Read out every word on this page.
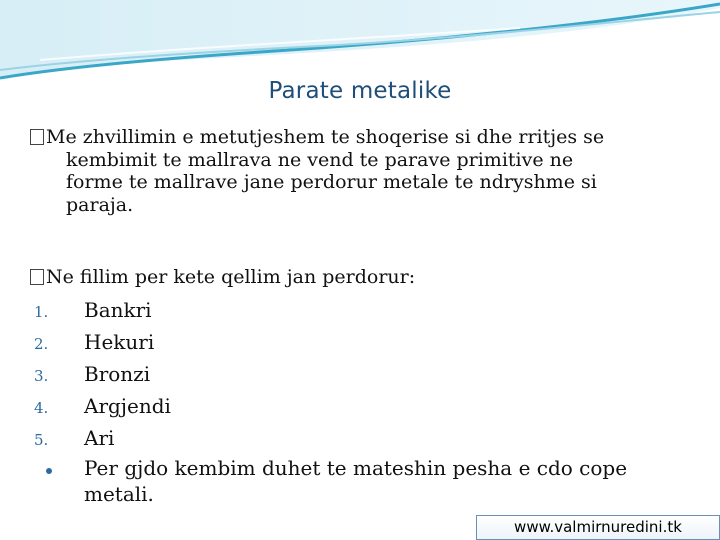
Parate metalike
Me zhvillimin e metutjeshem te shoqerise si dhe rritjes se
kembimit te mallrava ne vend te parave primitive ne
forme te mallrave jane perdorur metale te ndryshme si
paraja.
Ne fillim per kete qellim jan perdorur:
1. Bankri
2. Hekuri
3. Bronzi
4. Argjendi
5. Ari
Per gjdo kembim duhet te mateshin pesha e cdo cope
metali.
www.valmirnuredini.tk
